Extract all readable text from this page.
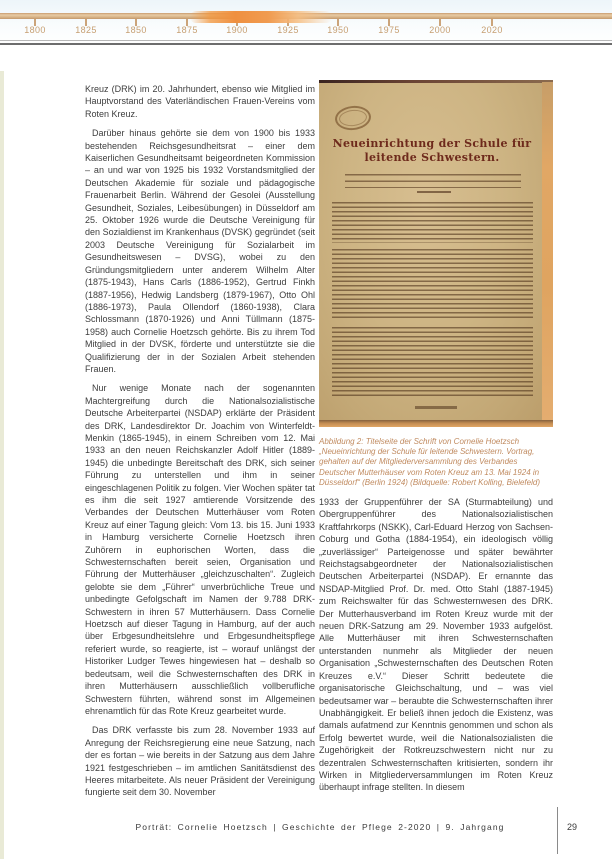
1800	1825	1850	1875	1900	1925	1950	1975	2000	2020

Kreuz (DRK) im 20. Jahrhundert, ebenso wie Mitglied im Hauptvorstand des Vaterländischen Frauen-Vereins vom Roten Kreuz.

Darüber hinaus gehörte sie dem von 1900 bis 1933 bestehenden Reichsgesundheitsrat – einer dem Kaiserlichen Gesundheitsamt beigeordneten Kommission – an und war von 1925 bis 1932 Vorstandsmitglied der Deutschen Akademie für soziale und pädagogische Frauenarbeit Berlin. Während der Gesolei (Ausstellung Gesundheit, Soziales, Leibesübungen) in Düsseldorf am 25. Oktober 1926 wurde die Deutsche Vereinigung für den Sozialdienst im Krankenhaus (DVSK) gegründet (seit 2003 Deutsche Vereinigung für Sozialarbeit im Gesundheitswesen – DVSG), wobei zu den Gründungsmitgliedern unter anderem Wilhelm Alter (1875-1943), Hans Carls (1886-1952), Gertrud Finkh (1887-1956), Hedwig Landsberg (1879-1967), Otto Ohl (1886-1973), Paula Ollendorf (1860-1938), Clara Schlossmann (1870-1926) und Anni Tüllmann (1875-1958) auch Cornelie Hoetzsch gehörte. Bis zu ihrem Tod Mitglied in der DVSK, förderte und unterstützte sie die Qualifizierung der in der Sozialen Arbeit stehenden Frauen.

Nur wenige Monate nach der sogenannten Machtergreifung durch die Nationalsozialistische Deutsche Arbeiterpartei (NSDAP) erklärte der Präsident des DRK, Landesdirektor Dr. Joachim von Winterfeldt-Menkin (1865-1945), in einem Schreiben vom 12. Mai 1933 an den neuen Reichskanzler Adolf Hitler (1889-1945) die unbedingte Bereitschaft des DRK, sich seiner Führung zu unterstellen und ihm in seiner eingeschlagenen Politik zu folgen. Vier Wochen später tat es ihm die seit 1927 amtierende Vorsitzende des Verbandes der Deutschen Mutterhäuser vom Roten Kreuz auf einer Tagung gleich: Vom 13. bis 15. Juni 1933 in Hamburg versicherte Cornelie Hoetzsch ihren Zuhörern in euphorischen Worten, dass die Schwesternschaften bereit seien, Organisation und Führung der Mutterhäuser „gleichzuschalten“. Zugleich gelobte sie dem „Führer“ unverbrüchliche Treue und unbedingte Gefolgschaft im Namen der 9.788 DRK-Schwestern in ihren 57 Mutterhäusern. Dass Cornelie Hoetzsch auf dieser Tagung in Hamburg, auf der auch über Erbgesundheitslehre und Erbgesundheitspflege referiert wurde, so reagierte, ist – worauf unlängst der Historiker Ludger Tewes hingewiesen hat – deshalb so bedeutsam, weil die Schwesternschaften des DRK in ihren Mutterhäusern ausschließlich vollberufliche Schwestern führten, während sonst im Allgemeinen ehrenamtlich für das Rote Kreuz gearbeitet wurde.

Das DRK verfasste bis zum 28. November 1933 auf Anregung der Reichsregierung eine neue Satzung, nach der es fortan – wie bereits in der Satzung aus dem Jahre 1921 festgeschrieben – im amtlichen Sanitätsdienst des Heeres mitarbeitete. Als neuer Präsident der Vereinigung fungierte seit dem 30. November

Neueinrichtung der Schule für
leitende Schwestern.

Abbildung 2: Titelseite der Schrift von Cornelie Hoetzsch „Neueinrichtung der Schule für leitende Schwestern. Vortrag, gehalten auf der Mitgliederversammlung des Verbandes Deutscher Mutterhäuser vom Roten Kreuz am 13. Mai 1924 in Düsseldorf“ (Berlin 1924) (Bildquelle: Robert Kolling, Bielefeld)

1933 der Gruppenführer der SA (Sturmabteilung) und Obergruppenführer des Nationalsozialistischen Kraftfahrkorps (NSKK), Carl-Eduard Herzog von Sachsen-Coburg und Gotha (1884-1954), ein ideologisch völlig „zuverlässiger“ Parteigenosse und später bewährter Reichstagsabgeordneter der Nationalsozialistischen Deutschen Arbeiterpartei (NSDAP). Er ernannte das NSDAP-Mitglied Prof. Dr. med. Otto Stahl (1887-1945) zum Reichswalter für das Schwesternwesen des DRK. Der Mutterhausverband im Roten Kreuz wurde mit der neuen DRK-Satzung am 29. November 1933 aufgelöst. Alle Mutterhäuser mit ihren Schwesternschaften unterstanden nunmehr als Mitglieder der neuen Organisation „Schwesternschaften des Deutschen Roten Kreuzes e.V.“ Dieser Schritt bedeutete die organisatorische Gleichschaltung, und – was viel bedeutsamer war – beraubte die Schwesternschaften ihrer Unabhängigkeit. Er beließ ihnen jedoch die Existenz, was damals aufatmend zur Kenntnis genommen und schon als Erfolg bewertet wurde, weil die Nationalsozialisten die Zugehörigkeit der Rotkreuzschwestern nicht nur zu dezentralen Schwesternschaften kritisierten, sondern ihr Wirken in Mitgliederversammlungen im Roten Kreuz überhaupt infrage stellten. In diesem

Porträt: Cornelie Hoetzsch | Geschichte der Pflege 2-2020 | 9. Jahrgang	29
